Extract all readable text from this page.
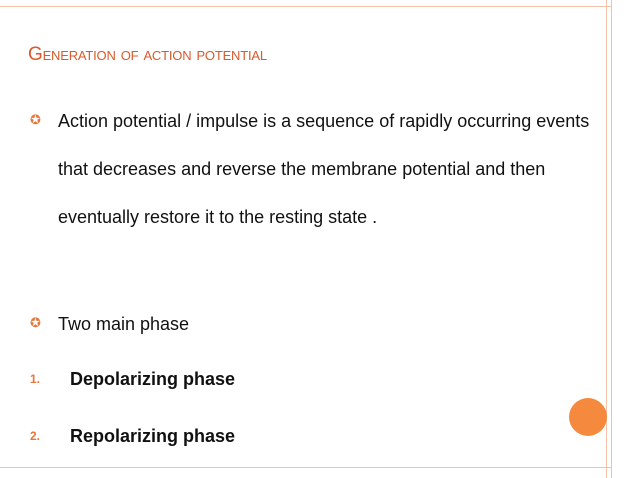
Generation of action potential
✪ Action potential / impulse is a sequence of rapidly occurring events that decreases and reverse the membrane potential and then eventually restore it to the resting state .
✪ Two main phase
1. Depolarizing phase
2. Repolarizing phase
